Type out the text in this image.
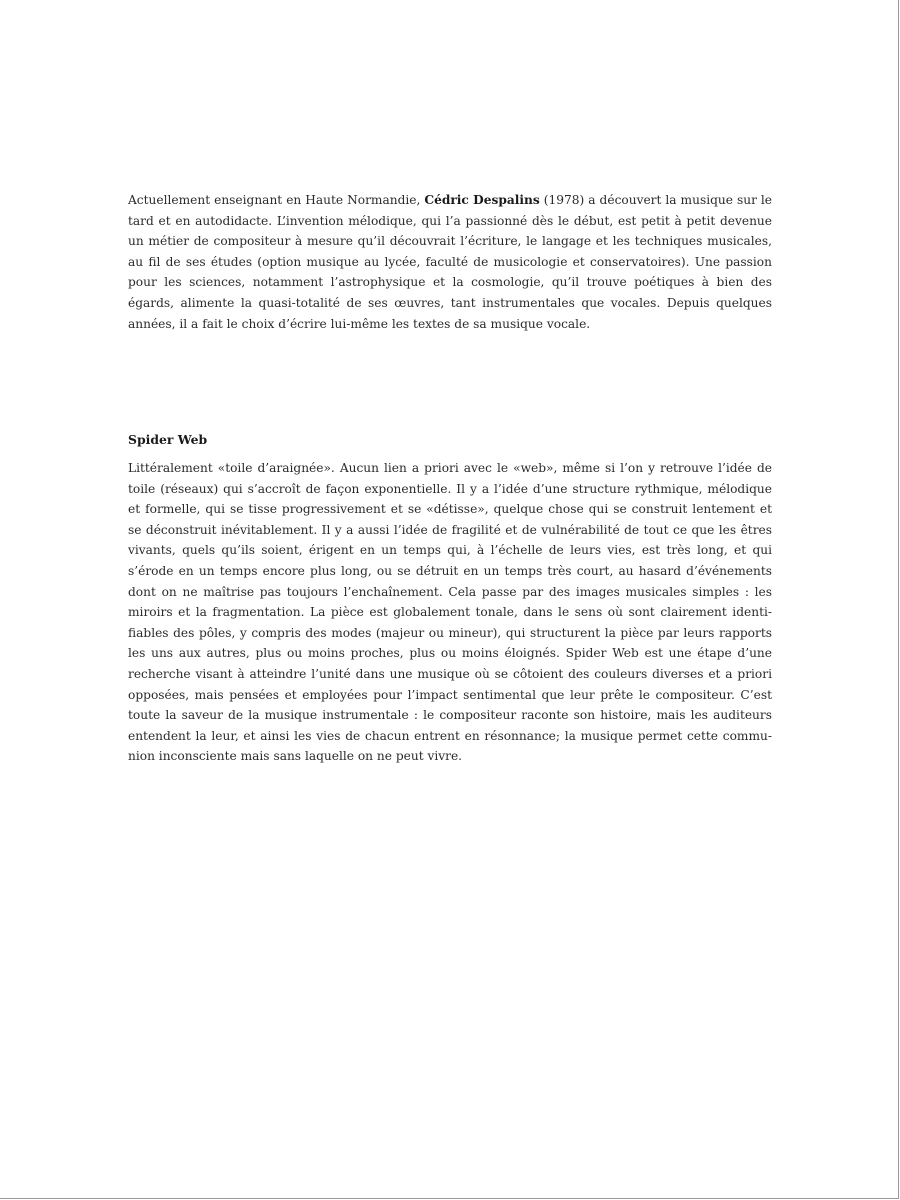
Actuellement enseignant en Haute Normandie, Cédric Despalins (1978) a découvert la musique sur le tard et en autodidacte. L’invention mélodique, qui l’a passionné dès le début, est petit à petit devenue un métier de compositeur à mesure qu’il découvrait l’écriture, le langage et les techniques musicales, au fil de ses études (option musique au lycée, faculté de musicologie et conservatoires). Une passion pour les sciences, notamment l’astrophysique et la cosmologie, qu’il trouve poétiques à bien des égards, alimente la quasi-totalité de ses œuvres, tant instrumentales que vocales. Depuis quelques années, il a fait le choix d’écrire lui-même les textes de sa musique vocale.

Spider Web

Littéralement «toile d’araignée». Aucun lien a priori avec le «web», même si l’on y retrouve l’idée de toile (réseaux) qui s’accroît de façon exponentielle. Il y a l’idée d’une structure rythmique, mélodique et formelle, qui se tisse progressivement et se «détisse», quelque chose qui se construit lentement et se déconstruit inévitablement. Il y a aussi l’idée de fragilité et de vulnérabilité de tout ce que les êtres vivants, quels qu’ils soient, érigent en un temps qui, à l’échelle de leurs vies, est très long, et qui s’érode en un temps encore plus long, ou se détruit en un temps très court, au hasard d’événements dont on ne maîtrise pas toujours l’enchaînement. Cela passe par des images musicales simples : les miroirs et la fragmentation. La pièce est globalement tonale, dans le sens où sont clairement identifiables des pôles, y compris des modes (majeur ou mineur), qui structurent la pièce par leurs rapports les uns aux autres, plus ou moins proches, plus ou moins éloignés. Spider Web est une étape d’une recherche visant à atteindre l’unité dans une musique où se côtoient des couleurs diverses et a priori opposées, mais pensées et employées pour l’impact sentimental que leur prête le compositeur. C’est toute la saveur de la musique instrumentale : le compositeur raconte son histoire, mais les auditeurs entendent la leur, et ainsi les vies de chacun entrent en résonnance; la musique permet cette communion inconsciente mais sans laquelle on ne peut vivre.
